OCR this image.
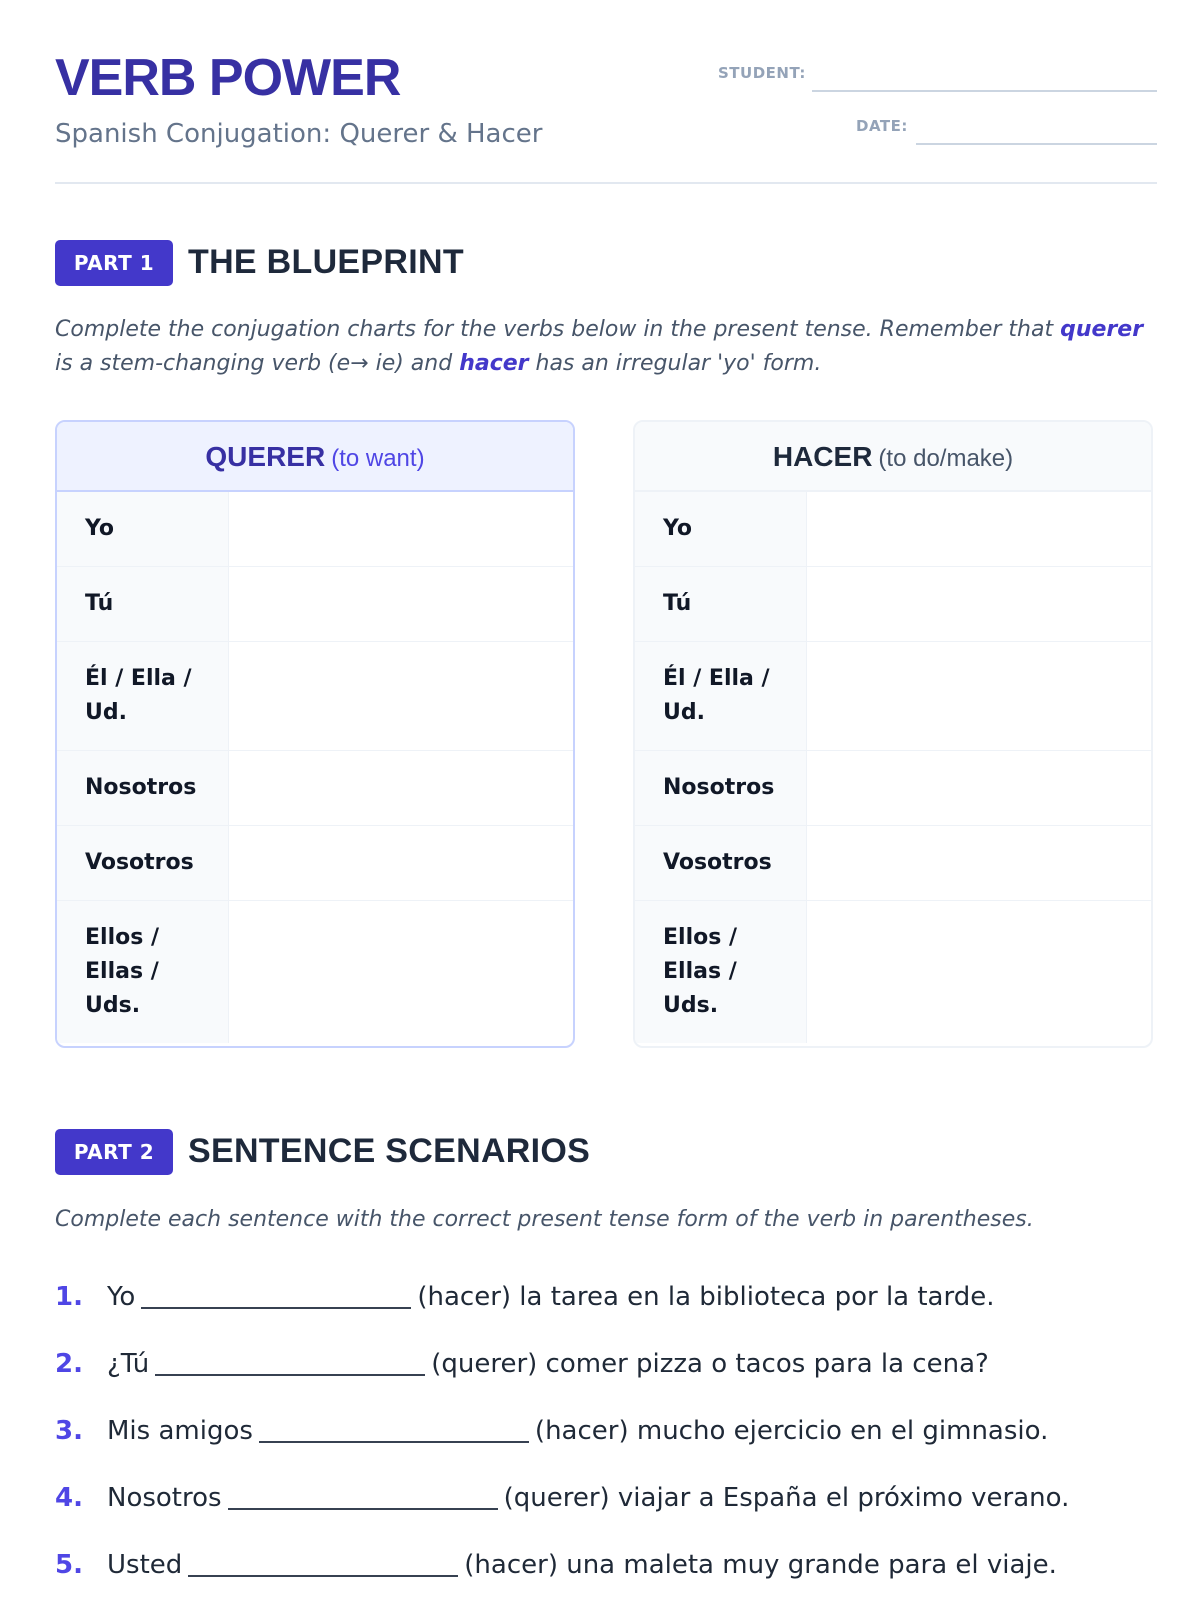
VERB POWER
Spanish Conjugation: Querer & Hacer
STUDENT:
DATE:
PART 1 THE BLUEPRINT
Complete the conjugation charts for the verbs below in the present tense. Remember that querer is a stem-changing verb (e→ ie) and hacer has an irregular 'yo' form.
QUERER (to want)
Yo
Tú
Él / Ella / Ud.
Nosotros
Vosotros
Ellos / Ellas / Uds.
HACER (to do/make)
Yo
Tú
Él / Ella / Ud.
Nosotros
Vosotros
Ellos / Ellas / Uds.
PART 2 SENTENCE SCENARIOS
Complete each sentence with the correct present tense form of the verb in parentheses.
1. Yo	(hacer) la tarea en la biblioteca por la tarde.
2. ¿Tú	(querer) comer pizza o tacos para la cena?
3. Mis amigos	(hacer) mucho ejercicio en el gimnasio.
4. Nosotros	(querer) viajar a España el próximo verano.
5. Usted	(hacer) una maleta muy grande para el viaje.
